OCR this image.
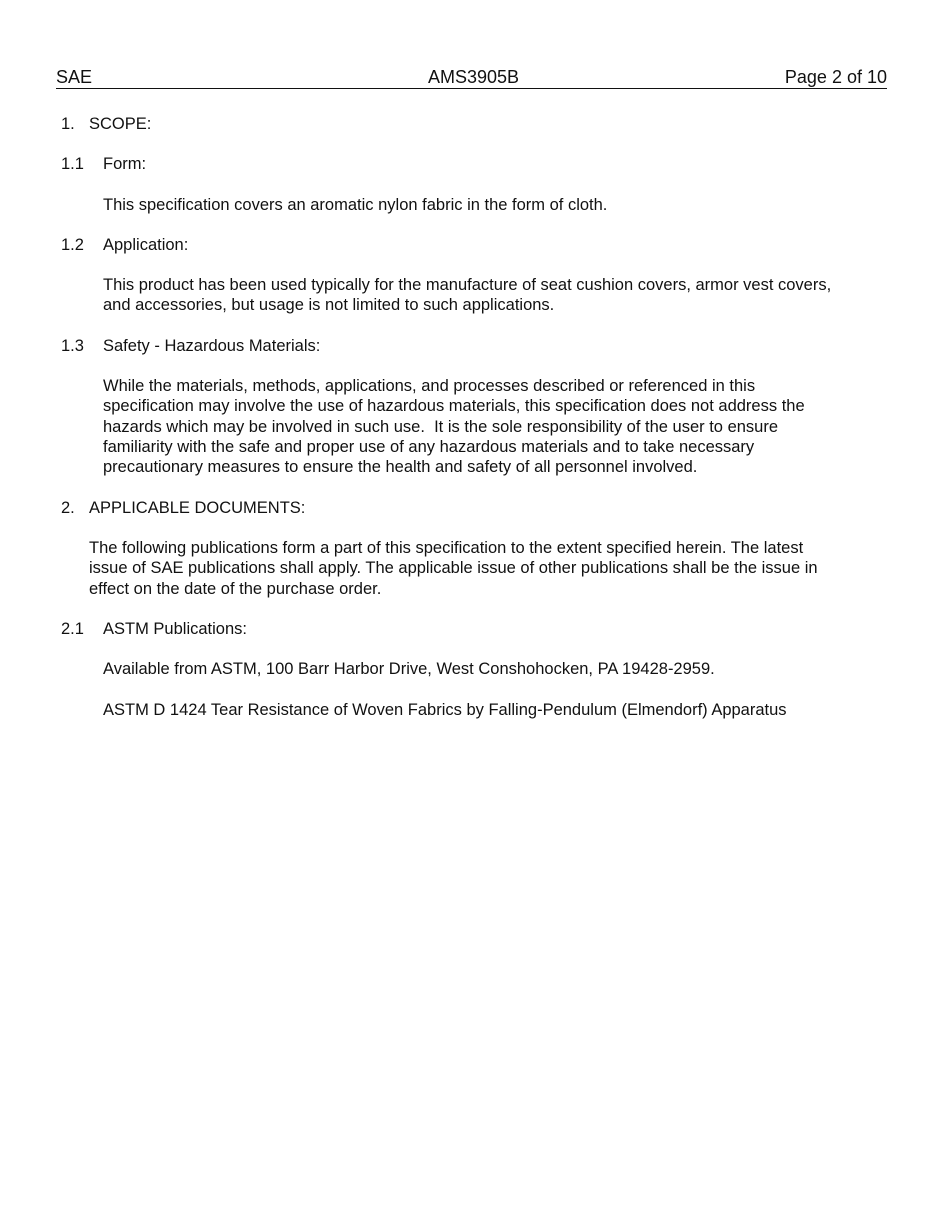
SAE	AMS3905B	Page 2 of 10
1. SCOPE:
1.1 Form:
This specification covers an aromatic nylon fabric in the form of cloth.
1.2 Application:
This product has been used typically for the manufacture of seat cushion covers, armor vest covers,
and accessories, but usage is not limited to such applications.
1.3 Safety - Hazardous Materials:
While the materials, methods, applications, and processes described or referenced in this
specification may involve the use of hazardous materials, this specification does not address the
hazards which may be involved in such use.  It is the sole responsibility of the user to ensure
familiarity with the safe and proper use of any hazardous materials and to take necessary
precautionary measures to ensure the health and safety of all personnel involved.
2. APPLICABLE DOCUMENTS:
The following publications form a part of this specification to the extent specified herein. The latest
issue of SAE publications shall apply. The applicable issue of other publications shall be the issue in
effect on the date of the purchase order.
2.1 ASTM Publications:
Available from ASTM, 100 Barr Harbor Drive, West Conshohocken, PA 19428-2959.
ASTM D 1424 Tear Resistance of Woven Fabrics by Falling-Pendulum (Elmendorf) Apparatus
